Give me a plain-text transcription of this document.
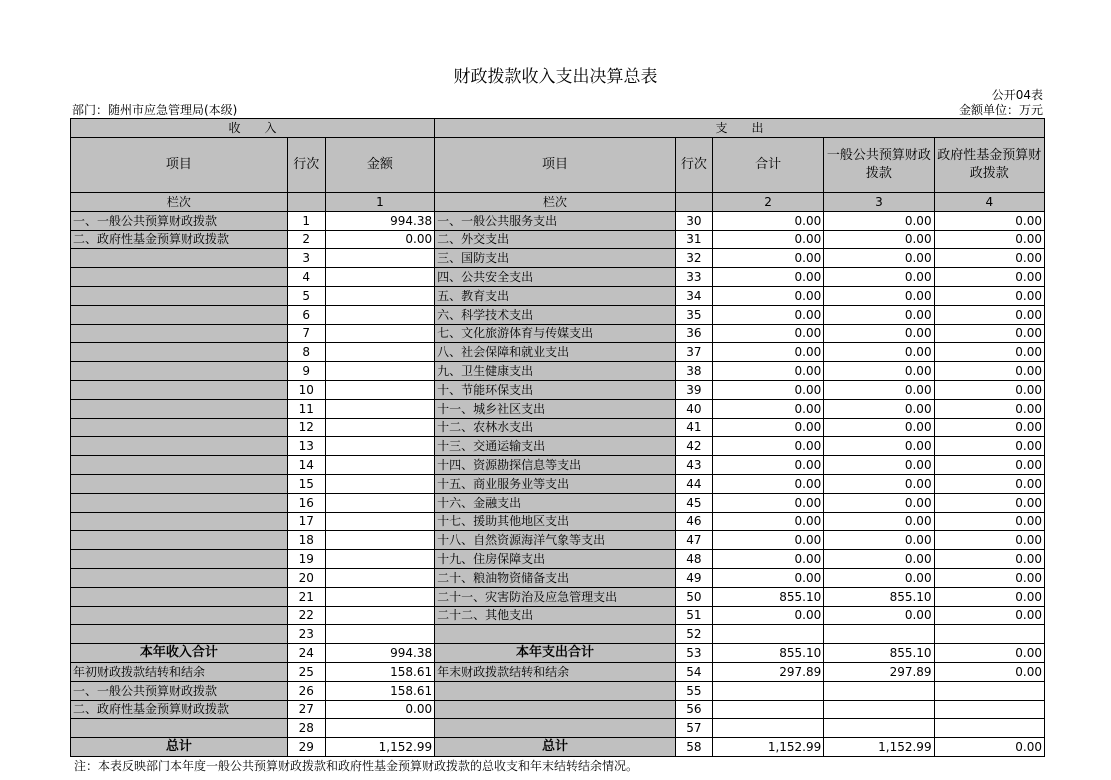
财政拨款收入支出决算总表
公开04表
部门：随州市应急管理局(本级)	金额单位：万元
收　　入			支　　出				
项目	行次	金额	项目	行次	合计	一般公共预算财政拨款	政府性基金预算财政拨款
栏次		1	栏次		2	3	4
一、一般公共预算财政拨款	1	994.38	一、一般公共服务支出	30	0.00	0.00	0.00
二、政府性基金预算财政拨款	2	0.00	二、外交支出	31	0.00	0.00	0.00
	3		三、国防支出	32	0.00	0.00	0.00
	4		四、公共安全支出	33	0.00	0.00	0.00
	5		五、教育支出	34	0.00	0.00	0.00
	6		六、科学技术支出	35	0.00	0.00	0.00
	7		七、文化旅游体育与传媒支出	36	0.00	0.00	0.00
	8		八、社会保障和就业支出	37	0.00	0.00	0.00
	9		九、卫生健康支出	38	0.00	0.00	0.00
	10		十、节能环保支出	39	0.00	0.00	0.00
	11		十一、城乡社区支出	40	0.00	0.00	0.00
	12		十二、农林水支出	41	0.00	0.00	0.00
	13		十三、交通运输支出	42	0.00	0.00	0.00
	14		十四、资源勘探信息等支出	43	0.00	0.00	0.00
	15		十五、商业服务业等支出	44	0.00	0.00	0.00
	16		十六、金融支出	45	0.00	0.00	0.00
	17		十七、援助其他地区支出	46	0.00	0.00	0.00
	18		十八、自然资源海洋气象等支出	47	0.00	0.00	0.00
	19		十九、住房保障支出	48	0.00	0.00	0.00
	20		二十、粮油物资储备支出	49	0.00	0.00	0.00
	21		二十一、灾害防治及应急管理支出	50	855.10	855.10	0.00
	22		二十二、其他支出	51	0.00	0.00	0.00
	23			52			
本年收入合计	24	994.38	本年支出合计	53	855.10	855.10	0.00
年初财政拨款结转和结余	25	158.61	年末财政拨款结转和结余	54	297.89	297.89	0.00
一、一般公共预算财政拨款	26	158.61		55			
二、政府性基金预算财政拨款	27	0.00		56			
	28			57			
总计	29	1,152.99	总计	58	1,152.99	1,152.99	0.00
注：本表反映部门本年度一般公共预算财政拨款和政府性基金预算财政拨款的总收支和年末结转结余情况。
